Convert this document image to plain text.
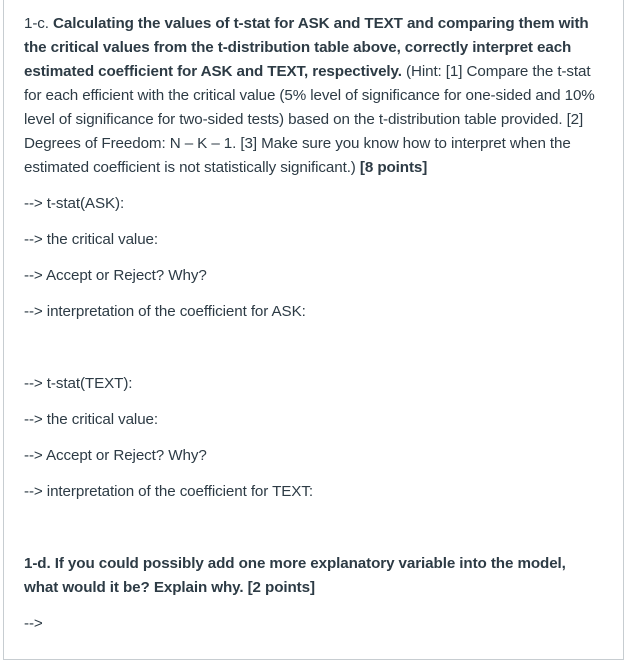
1-c. Calculating the values of t-stat for ASK and TEXT and comparing them with the critical values from the t-distribution table above, correctly interpret each estimated coefficient for ASK and TEXT, respectively. (Hint: [1] Compare the t-stat for each efficient with the critical value (5% level of significance for one-sided and 10% level of significance for two-sided tests) based on the t-distribution table provided. [2] Degrees of Freedom: N – K – 1. [3] Make sure you know how to interpret when the estimated coefficient is not statistically significant.) [8 points]

--> t-stat(ASK):

--> the critical value:

--> Accept or Reject? Why?

--> interpretation of the coefficient for ASK:

--> t-stat(TEXT):

--> the critical value:

--> Accept or Reject? Why?

--> interpretation of the coefficient for TEXT:

1-d. If you could possibly add one more explanatory variable into the model, what would it be? Explain why. [2 points]

-->
